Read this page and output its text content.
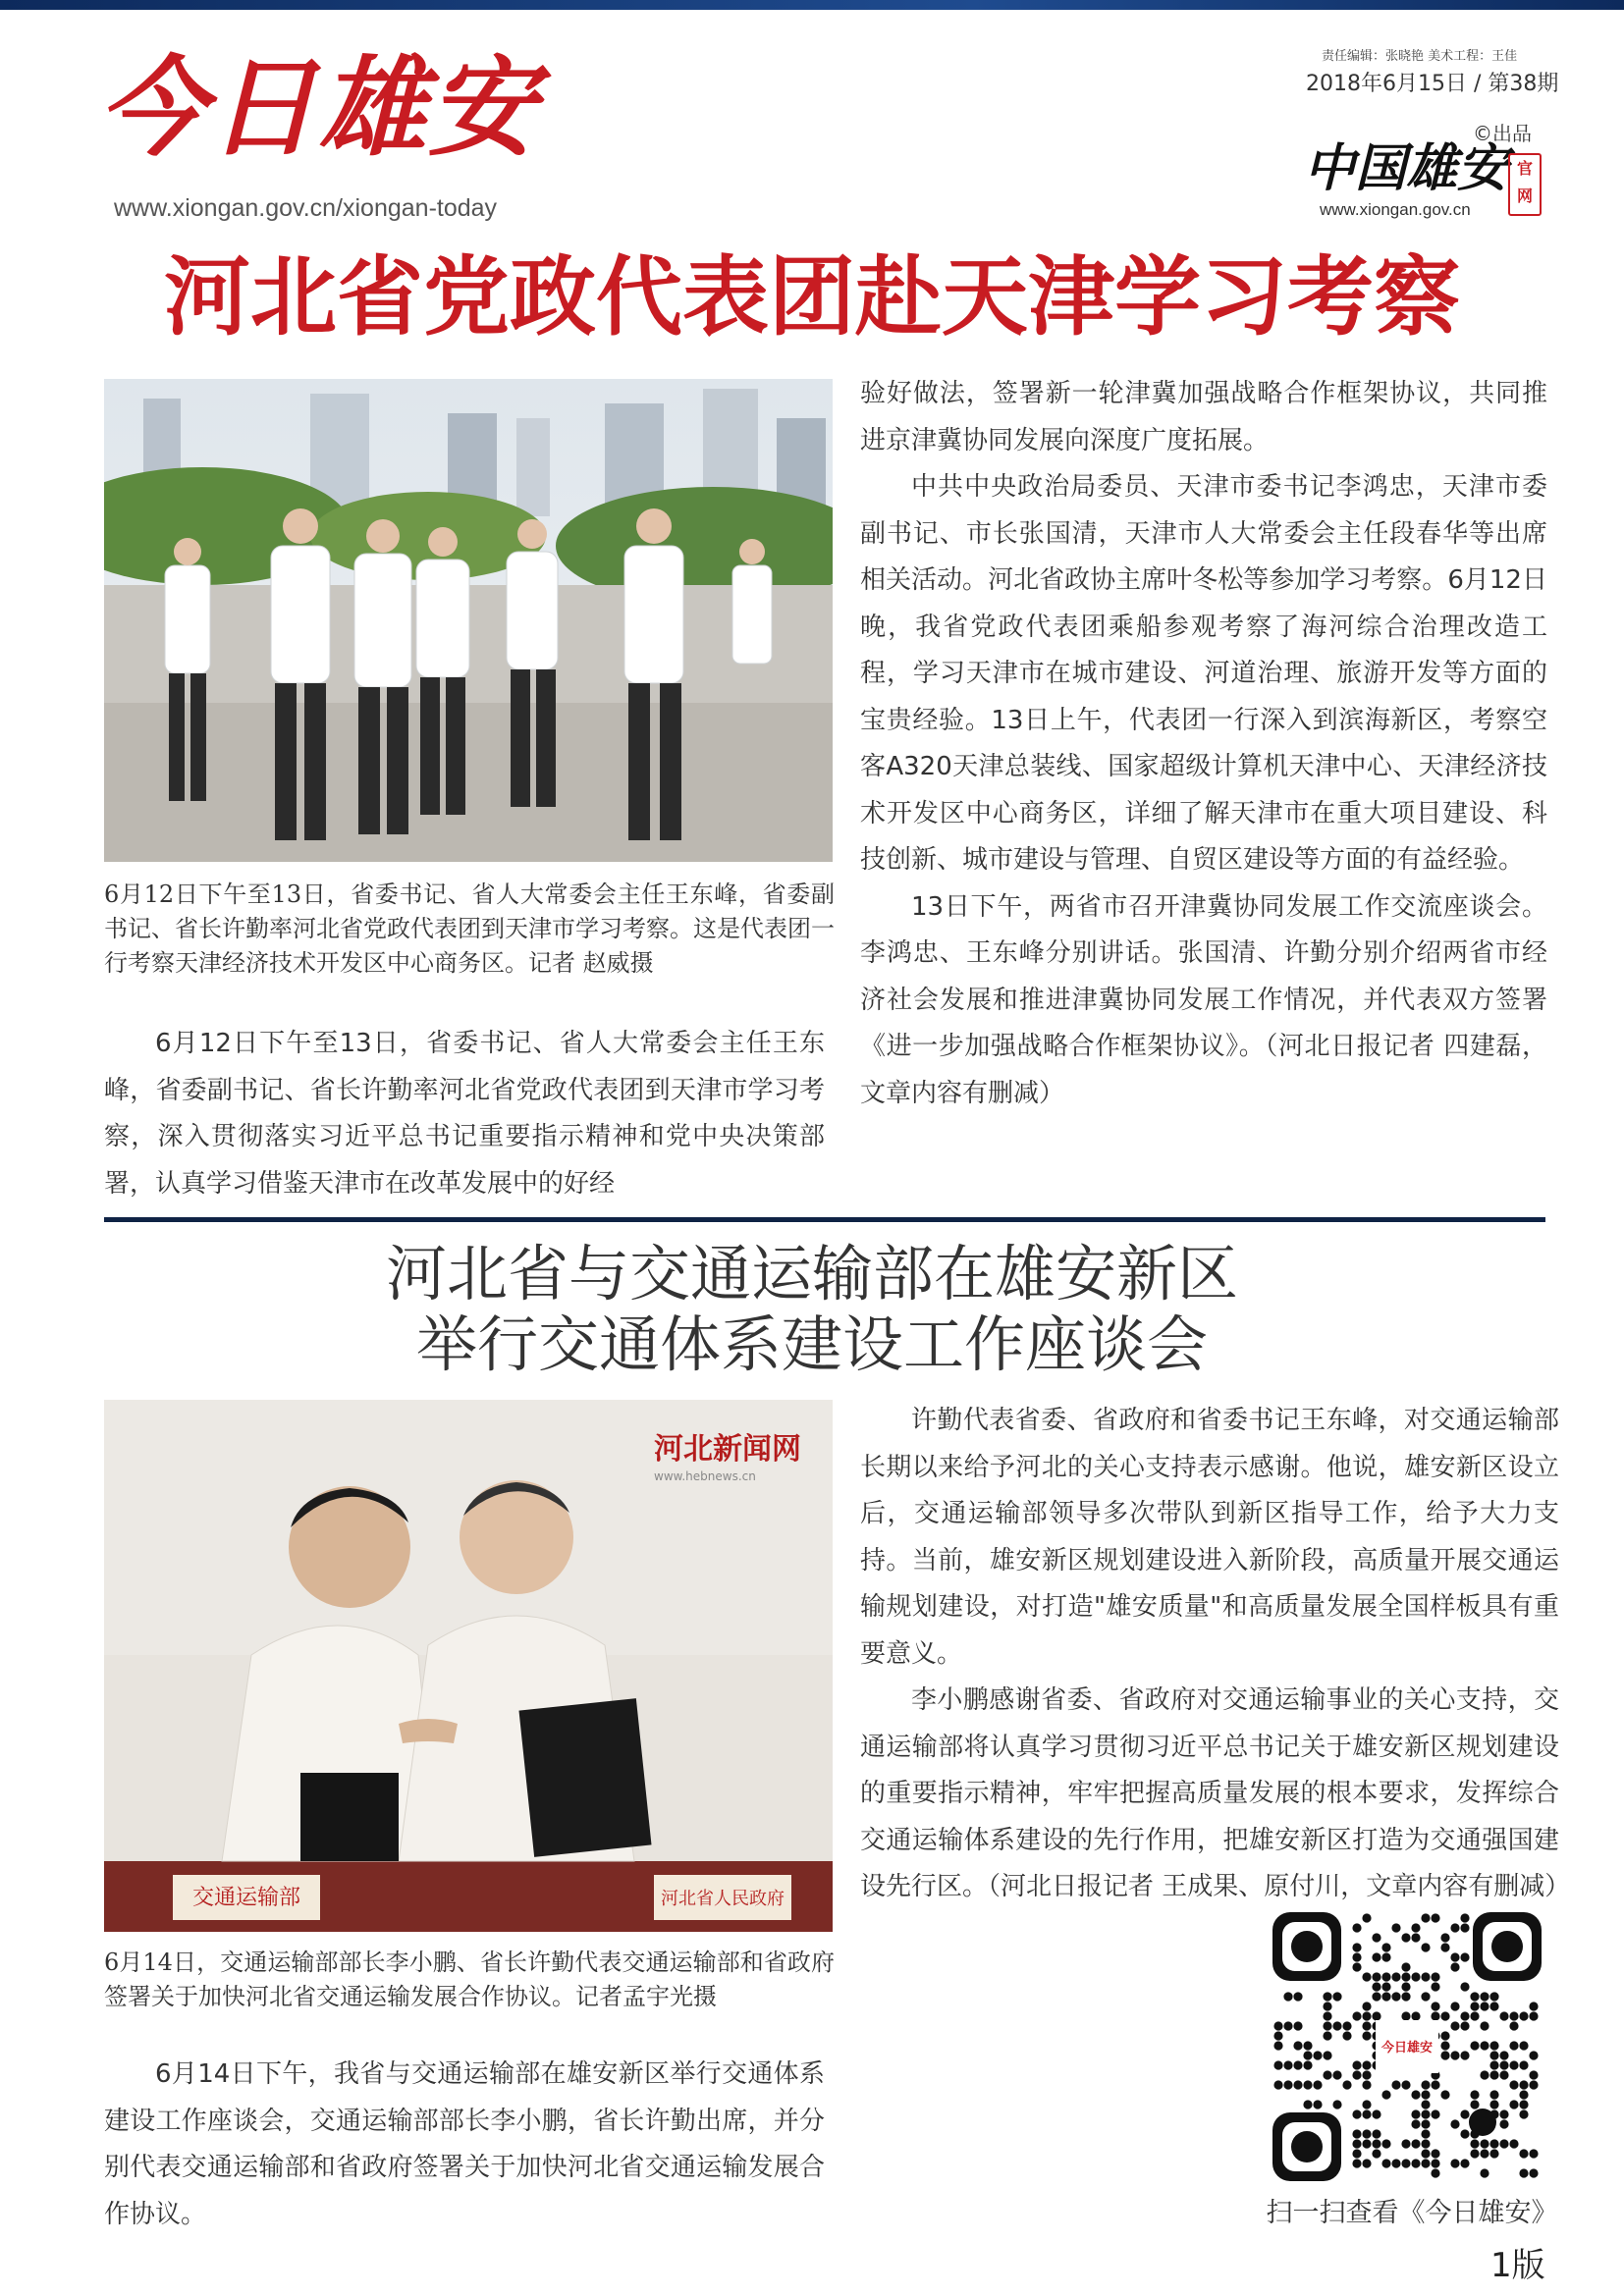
今日雄安
www.xiongan.gov.cn/xiongan-today
责任编辑：张晓艳 美术工程：王佳
2018年6月15日 / 第38期
©出品
中国雄安 官网
www.xiongan.gov.cn
河北省党政代表团赴天津学习考察
6月12日下午至13日，省委书记、省人大常委会主任王东峰，省委副书记、省长许勤率河北省党政代表团到天津市学习考察。这是代表团一行考察天津经济技术开发区中心商务区。记者 赵威摄

6月12日下午至13日，省委书记、省人大常委会主任王东峰，省委副书记、省长许勤率河北省党政代表团到天津市学习考察，深入贯彻落实习近平总书记重要指示精神和党中央决策部署，认真学习借鉴天津市在改革发展中的好经

验好做法，签署新一轮津冀加强战略合作框架协议，共同推进京津冀协同发展向深度广度拓展。

中共中央政治局委员、天津市委书记李鸿忠，天津市委副书记、市长张国清，天津市人大常委会主任段春华等出席相关活动。河北省政协主席叶冬松等参加学习考察。6月12日晚，我省党政代表团乘船参观考察了海河综合治理改造工程，学习天津市在城市建设、河道治理、旅游开发等方面的宝贵经验。13日上午，代表团一行深入到滨海新区，考察空客A320天津总装线、国家超级计算机天津中心、天津经济技术开发区中心商务区，详细了解天津市在重大项目建设、科技创新、城市建设与管理、自贸区建设等方面的有益经验。

13日下午，两省市召开津冀协同发展工作交流座谈会。李鸿忠、王东峰分别讲话。张国清、许勤分别介绍两省市经济社会发展和推进津冀协同发展工作情况，并代表双方签署《进一步加强战略合作框架协议》。（河北日报记者 四建磊，文章内容有删减）

河北省与交通运输部在雄安新区
举行交通体系建设工作座谈会
交通运输部	河北省人民政府
河北新闻网
www.hebnews.cn
6月14日，交通运输部部长李小鹏、省长许勤代表交通运输部和省政府签署关于加快河北省交通运输发展合作协议。记者孟宇光摄

6月14日下午，我省与交通运输部在雄安新区举行交通体系建设工作座谈会，交通运输部部长李小鹏，省长许勤出席，并分别代表交通运输部和省政府签署关于加快河北省交通运输发展合作协议。

许勤代表省委、省政府和省委书记王东峰，对交通运输部长期以来给予河北的关心支持表示感谢。他说，雄安新区设立后，交通运输部领导多次带队到新区指导工作，给予大力支持。当前，雄安新区规划建设进入新阶段，高质量开展交通运输规划建设，对打造"雄安质量"和高质量发展全国样板具有重要意义。

李小鹏感谢省委、省政府对交通运输事业的关心支持，交通运输部将认真学习贯彻习近平总书记关于雄安新区规划建设的重要指示精神，牢牢把握高质量发展的根本要求，发挥综合交通运输体系建设的先行作用，把雄安新区打造为交通强国建设先行区。（河北日报记者 王成果、原付川，文章内容有删减）

今日雄安
扫一扫查看《今日雄安》
1版
